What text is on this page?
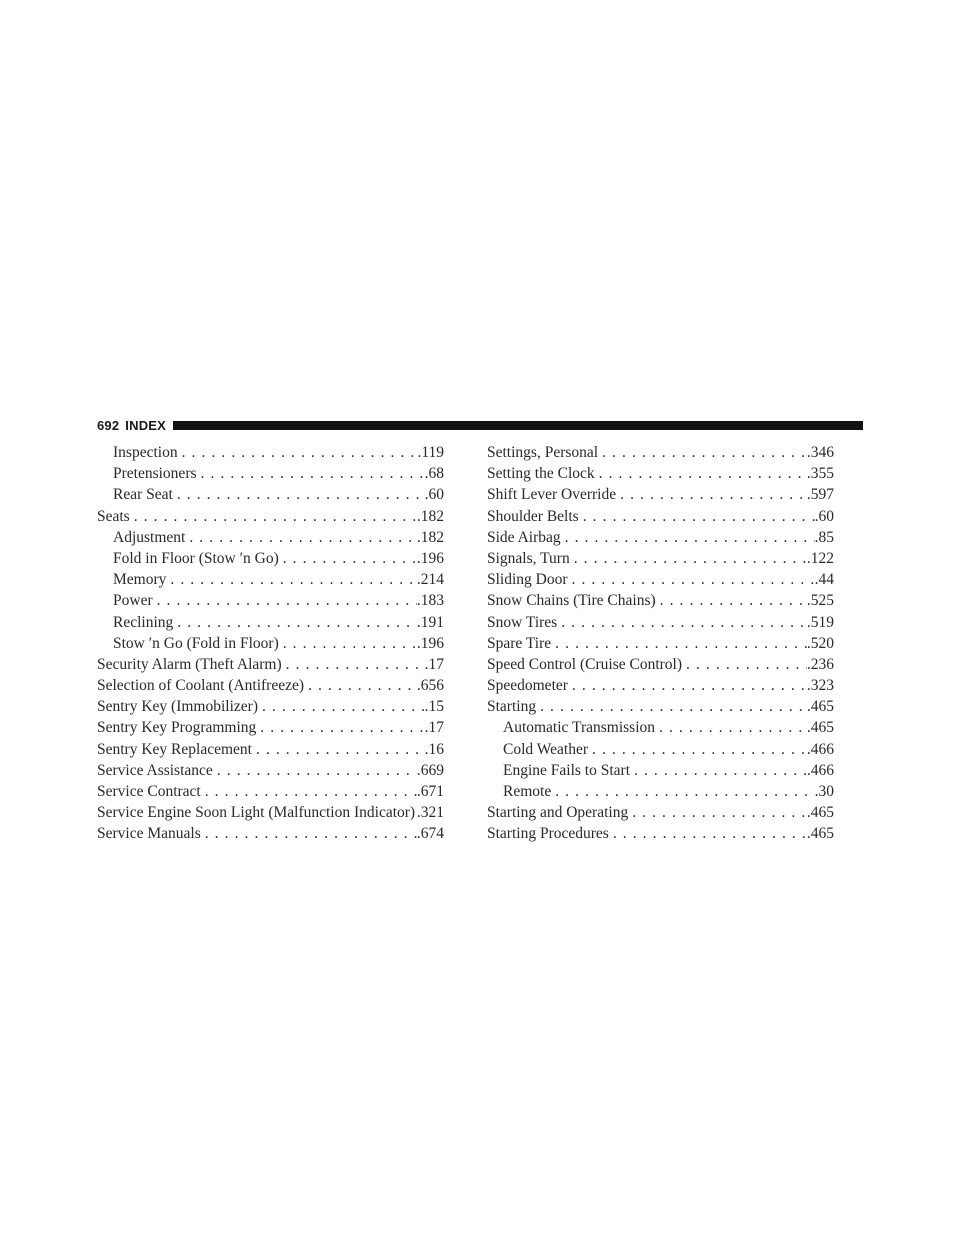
692 INDEX
Inspection . . .	.119
Pretensioners . . .	.68
Rear Seat . . .	.60
Seats . . .	.182
Adjustment . . .	.182
Fold in Floor (Stow ′n Go) . . .	.196
Memory . . .	.214
Power . . .	.183
Reclining . . .	.191
Stow ′n Go (Fold in Floor) . . .	.196
Security Alarm (Theft Alarm) . . .	.17
Selection of Coolant (Antifreeze) . . .	.656
Sentry Key (Immobilizer) . . .	.15
Sentry Key Programming . . .	.17
Sentry Key Replacement . . .	.16
Service Assistance . . .	.669
Service Contract . . .	.671
Service Engine Soon Light (Malfunction Indicator) . . . .321
Service Manuals . . .	.674
Settings, Personal . . .	.346
Setting the Clock . . .	.355
Shift Lever Override . . .	.597
Shoulder Belts . . .	.60
Side Airbag . . .	.85
Signals, Turn . . .	.122
Sliding Door . . .	.44
Snow Chains (Tire Chains) . . .	.525
Snow Tires . . .	.519
Spare Tire . . .	.520
Speed Control (Cruise Control) . . .	.236
Speedometer . . .	.323
Starting . . .	.465
Automatic Transmission . . .	.465
Cold Weather . . .	.466
Engine Fails to Start . . .	.466
Remote . . .	.30
Starting and Operating . . .	.465
Starting Procedures . . .	.465
